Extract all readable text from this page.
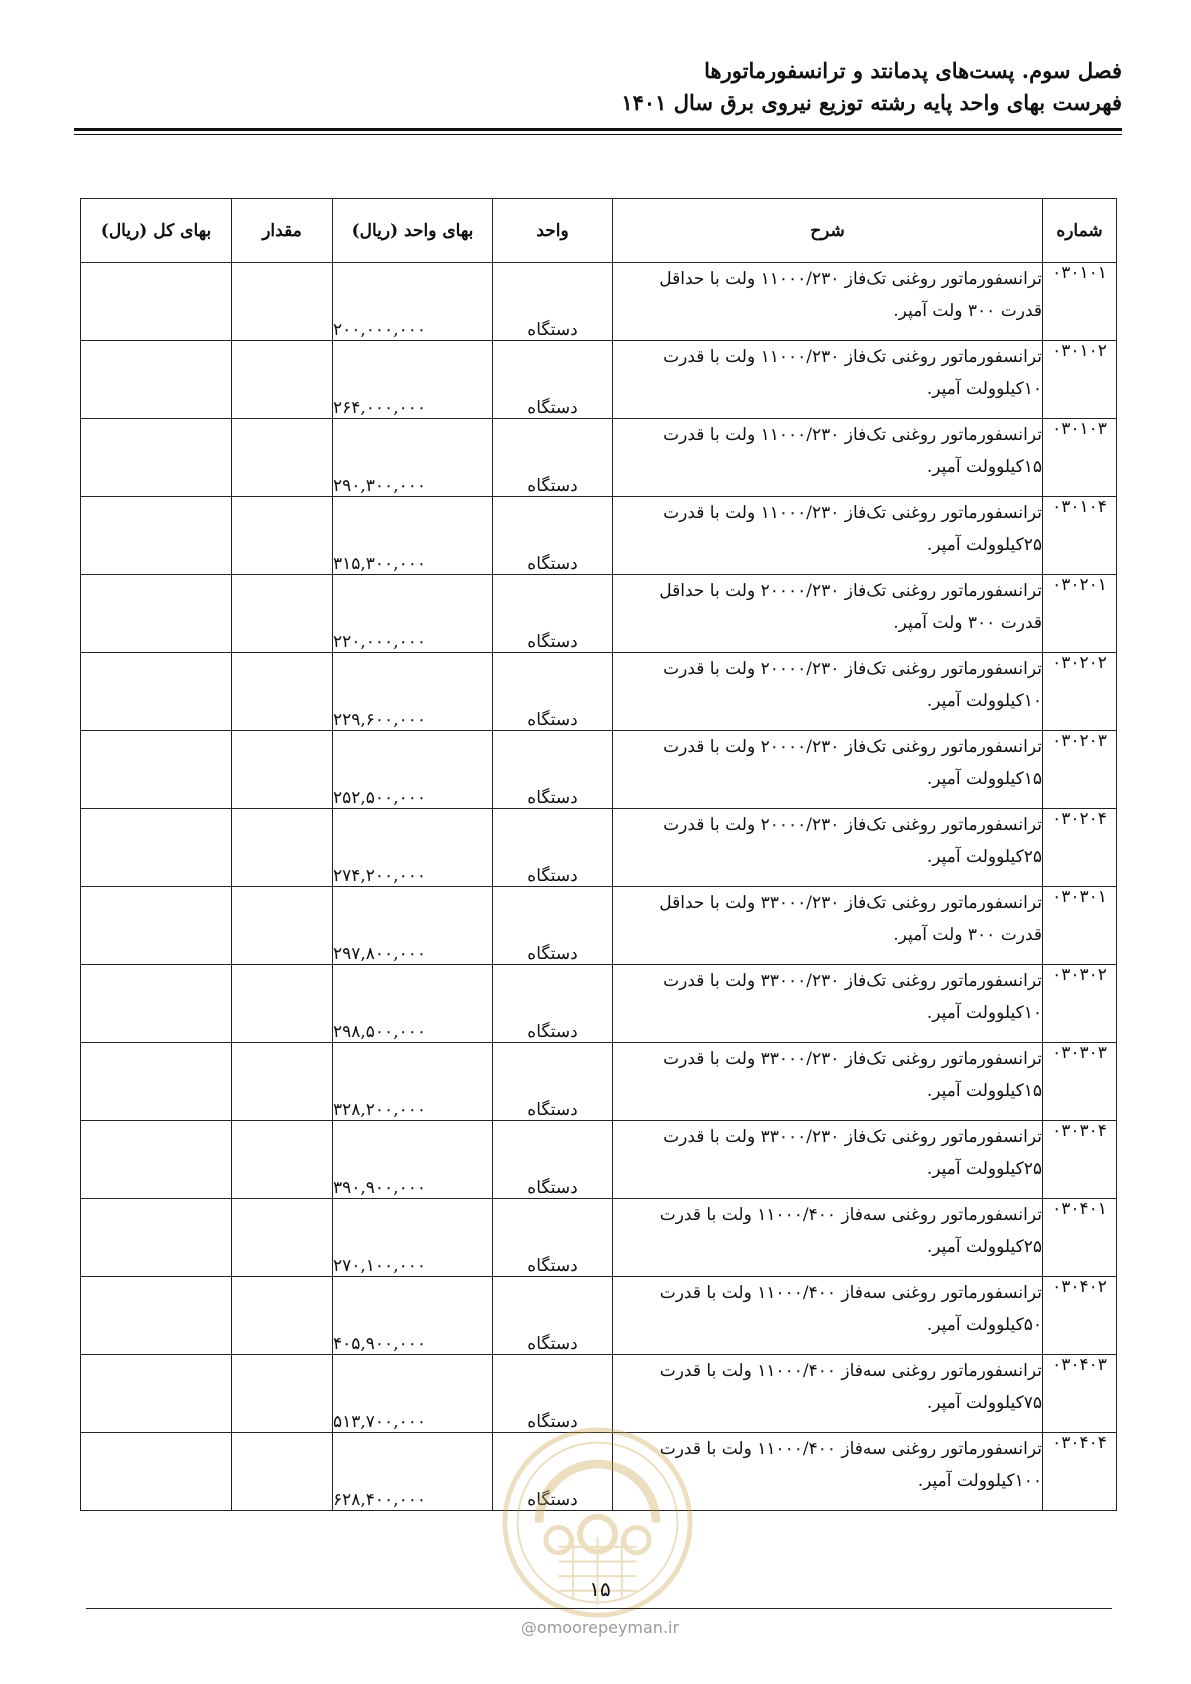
فصل سوم. پست‌های پدمانتد و ترانسفورماتورها
فهرست بهای واحد پایه رشته توزیع نیروی برق سال ۱۴۰۱
شماره	شرح	واحد	بهای واحد (ریال)	مقدار	بهای کل (ریال)
۰۳۰۱۰۱	ترانسفورماتور روغنی تک‌فاز ۱۱۰۰۰/۲۳۰ ولت با حداقل
قدرت ۳۰۰ ولت آمپر.	دستگاه	۲۰۰,۰۰۰,۰۰۰		
۰۳۰۱۰۲	ترانسفورماتور روغنی تک‌فاز ۱۱۰۰۰/۲۳۰ ولت با قدرت
۱۰کیلوولت آمپر.	دستگاه	۲۶۴,۰۰۰,۰۰۰		
۰۳۰۱۰۳	ترانسفورماتور روغنی تک‌فاز ۱۱۰۰۰/۲۳۰ ولت با قدرت
۱۵کیلوولت آمپر.	دستگاه	۲۹۰,۳۰۰,۰۰۰		
۰۳۰۱۰۴	ترانسفورماتور روغنی تک‌فاز ۱۱۰۰۰/۲۳۰ ولت با قدرت
۲۵کیلوولت آمپر.	دستگاه	۳۱۵,۳۰۰,۰۰۰		
۰۳۰۲۰۱	ترانسفورماتور روغنی تک‌فاز ۲۰۰۰۰/۲۳۰ ولت با حداقل
قدرت ۳۰۰ ولت آمپر.	دستگاه	۲۲۰,۰۰۰,۰۰۰		
۰۳۰۲۰۲	ترانسفورماتور روغنی تک‌فاز ۲۰۰۰۰/۲۳۰ ولت با قدرت
۱۰کیلوولت آمپر.	دستگاه	۲۲۹,۶۰۰,۰۰۰		
۰۳۰۲۰۳	ترانسفورماتور روغنی تک‌فاز ۲۰۰۰۰/۲۳۰ ولت با قدرت
۱۵کیلوولت آمپر.	دستگاه	۲۵۲,۵۰۰,۰۰۰		
۰۳۰۲۰۴	ترانسفورماتور روغنی تک‌فاز ۲۰۰۰۰/۲۳۰ ولت با قدرت
۲۵کیلوولت آمپر.	دستگاه	۲۷۴,۲۰۰,۰۰۰		
۰۳۰۳۰۱	ترانسفورماتور روغنی تک‌فاز ۳۳۰۰۰/۲۳۰ ولت با حداقل
قدرت ۳۰۰ ولت آمپر.	دستگاه	۲۹۷,۸۰۰,۰۰۰		
۰۳۰۳۰۲	ترانسفورماتور روغنی تک‌فاز ۳۳۰۰۰/۲۳۰ ولت با قدرت
۱۰کیلوولت آمپر.	دستگاه	۲۹۸,۵۰۰,۰۰۰		
۰۳۰۳۰۳	ترانسفورماتور روغنی تک‌فاز ۳۳۰۰۰/۲۳۰ ولت با قدرت
۱۵کیلوولت آمپر.	دستگاه	۳۲۸,۲۰۰,۰۰۰		
۰۳۰۳۰۴	ترانسفورماتور روغنی تک‌فاز ۳۳۰۰۰/۲۳۰ ولت با قدرت
۲۵کیلوولت آمپر.	دستگاه	۳۹۰,۹۰۰,۰۰۰		
۰۳۰۴۰۱	ترانسفورماتور روغنی سه‌فاز ۱۱۰۰۰/۴۰۰ ولت با قدرت
۲۵کیلوولت آمپر.	دستگاه	۲۷۰,۱۰۰,۰۰۰		
۰۳۰۴۰۲	ترانسفورماتور روغنی سه‌فاز ۱۱۰۰۰/۴۰۰ ولت با قدرت
۵۰کیلوولت آمپر.	دستگاه	۴۰۵,۹۰۰,۰۰۰		
۰۳۰۴۰۳	ترانسفورماتور روغنی سه‌فاز ۱۱۰۰۰/۴۰۰ ولت با قدرت
۷۵کیلوولت آمپر.	دستگاه	۵۱۳,۷۰۰,۰۰۰		
۰۳۰۴۰۴	ترانسفورماتور روغنی سه‌فاز ۱۱۰۰۰/۴۰۰ ولت با قدرت
۱۰۰کیلوولت آمپر.	دستگاه	۶۲۸,۴۰۰,۰۰۰		
۱۵
@omoorepeyman.ir
